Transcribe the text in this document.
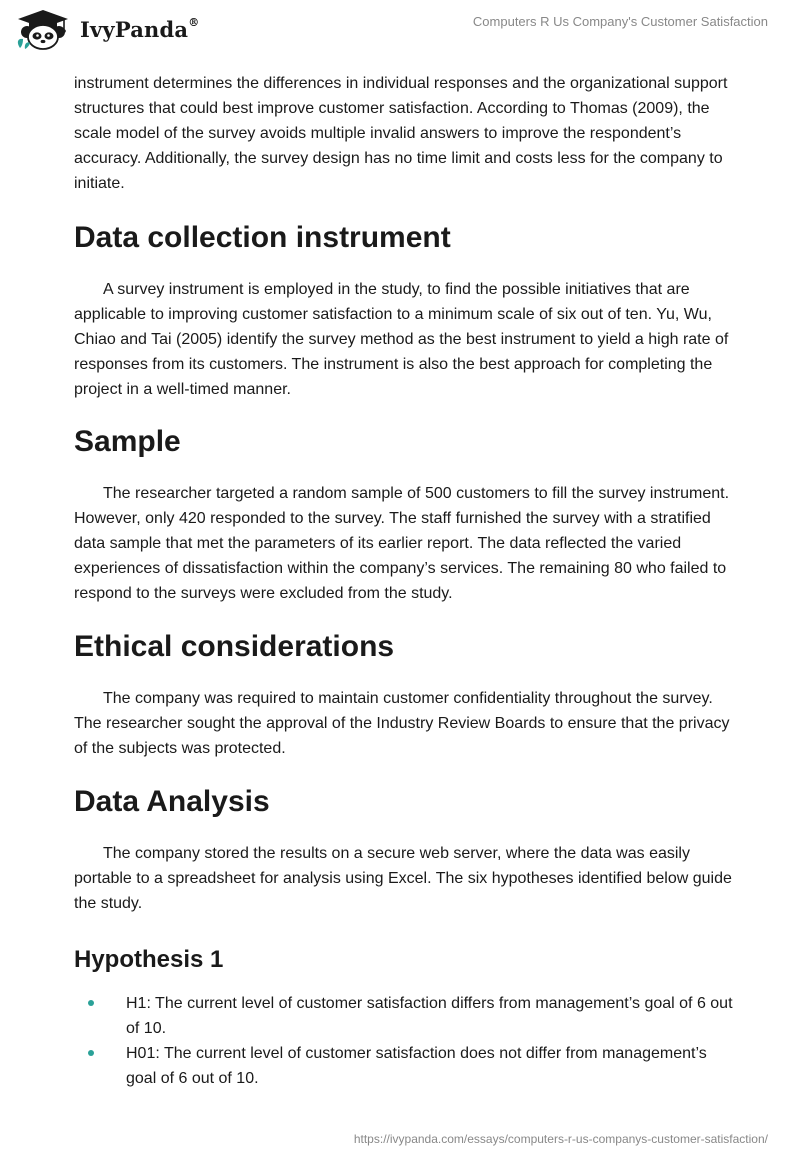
IvyPanda®	Computers R Us Company's Customer Satisfaction

instrument determines the differences in individual responses and the organizational support structures that could best improve customer satisfaction. According to Thomas (2009), the scale model of the survey avoids multiple invalid answers to improve the respondent’s accuracy. Additionally, the survey design has no time limit and costs less for the company to initiate.

Data collection instrument

A survey instrument is employed in the study, to find the possible initiatives that are applicable to improving customer satisfaction to a minimum scale of six out of ten. Yu, Wu, Chiao and Tai (2005) identify the survey method as the best instrument to yield a high rate of responses from its customers. The instrument is also the best approach for completing the project in a well-timed manner.

Sample

The researcher targeted a random sample of 500 customers to fill the survey instrument. However, only 420 responded to the survey. The staff furnished the survey with a stratified data sample that met the parameters of its earlier report. The data reflected the varied experiences of dissatisfaction within the company’s services. The remaining 80 who failed to respond to the surveys were excluded from the study.

Ethical considerations

The company was required to maintain customer confidentiality throughout the survey. The researcher sought the approval of the Industry Review Boards to ensure that the privacy of the subjects was protected.

Data Analysis

The company stored the results on a secure web server, where the data was easily portable to a spreadsheet for analysis using Excel. The six hypotheses identified below guide the study.

Hypothesis 1
H1: The current level of customer satisfaction differs from management’s goal of 6 out of 10.
H01: The current level of customer satisfaction does not differ from management’s goal of 6 out of 10.
https://ivypanda.com/essays/computers-r-us-companys-customer-satisfaction/
